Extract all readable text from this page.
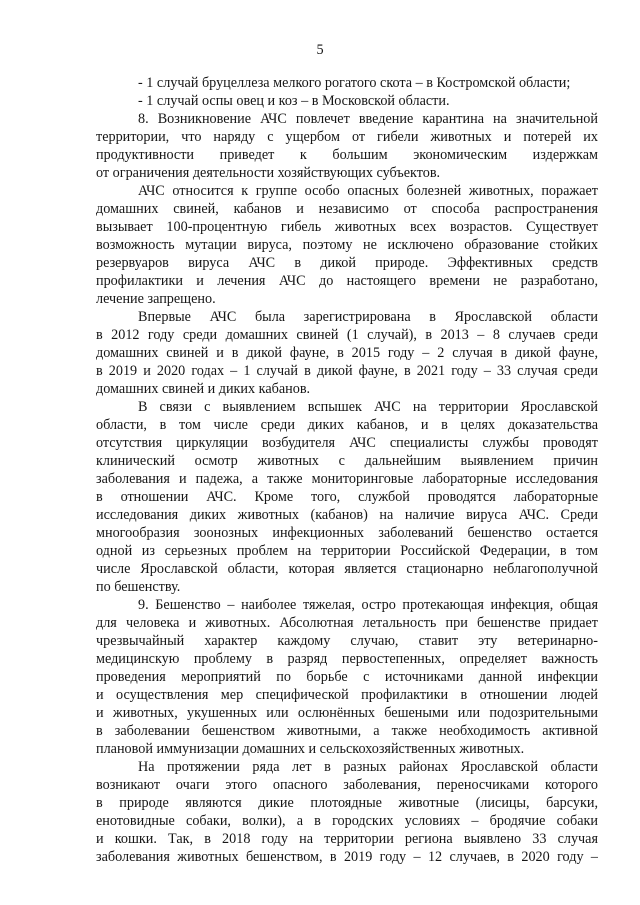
5
- 1 случай бруцеллеза мелкого рогатого скота – в Костромской области;
- 1 случай оспы овец и коз – в Московской области.
8. Возникновение АЧС повлечет введение карантина на значительной
территории, что наряду с ущербом от гибели животных и потерей их
продуктивности приведет к большим экономическим издержкам
от ограничения деятельности хозяйствующих субъектов.
АЧС относится к группе особо опасных болезней животных, поражает
домашних свиней, кабанов и независимо от способа распространения
вызывает 100-процентную гибель животных всех возрастов. Существует
возможность мутации вируса, поэтому не исключено образование стойких
резервуаров вируса АЧС в дикой природе. Эффективных средств
профилактики и лечения АЧС до настоящего времени не разработано,
лечение запрещено.
Впервые АЧС была зарегистрирована в Ярославской области
в 2012 году среди домашних свиней (1 случай), в 2013 – 8 случаев среди
домашних свиней и в дикой фауне, в 2015 году – 2 случая в дикой фауне,
в 2019 и 2020 годах – 1 случай в дикой фауне, в 2021 году – 33 случая среди
домашних свиней и диких кабанов.
В связи с выявлением вспышек АЧС на территории Ярославской
области, в том числе среди диких кабанов, и в целях доказательства
отсутствия циркуляции возбудителя АЧС специалисты службы проводят
клинический осмотр животных с дальнейшим выявлением причин
заболевания и падежа, а также мониторинговые лабораторные исследования
в отношении АЧС. Кроме того, службой проводятся лабораторные
исследования диких животных (кабанов) на наличие вируса АЧС. Среди
многообразия зоонозных инфекционных заболеваний бешенство остается
одной из серьезных проблем на территории Российской Федерации, в том
числе Ярославской области, которая является стационарно неблагополучной
по бешенству.
9. Бешенство – наиболее тяжелая, остро протекающая инфекция, общая
для человека и животных. Абсолютная летальность при бешенстве придает
чрезвычайный характер каждому случаю, ставит эту ветеринарно-
медицинскую проблему в разряд первостепенных, определяет важность
проведения мероприятий по борьбе с источниками данной инфекции
и осуществления мер специфической профилактики в отношении людей
и животных, укушенных или ослюнённых бешеными или подозрительными
в заболевании бешенством животными, а также необходимость активной
плановой иммунизации домашних и сельскохозяйственных животных.
На протяжении ряда лет в разных районах Ярославской области
возникают очаги этого опасного заболевания, переносчиками которого
в природе являются дикие плотоядные животные (лисицы, барсуки,
енотовидные собаки, волки), а в городских условиях – бродячие собаки
и кошки. Так, в 2018 году на территории региона выявлено 33 случая
заболевания животных бешенством, в 2019 году – 12 случаев, в 2020 году –
